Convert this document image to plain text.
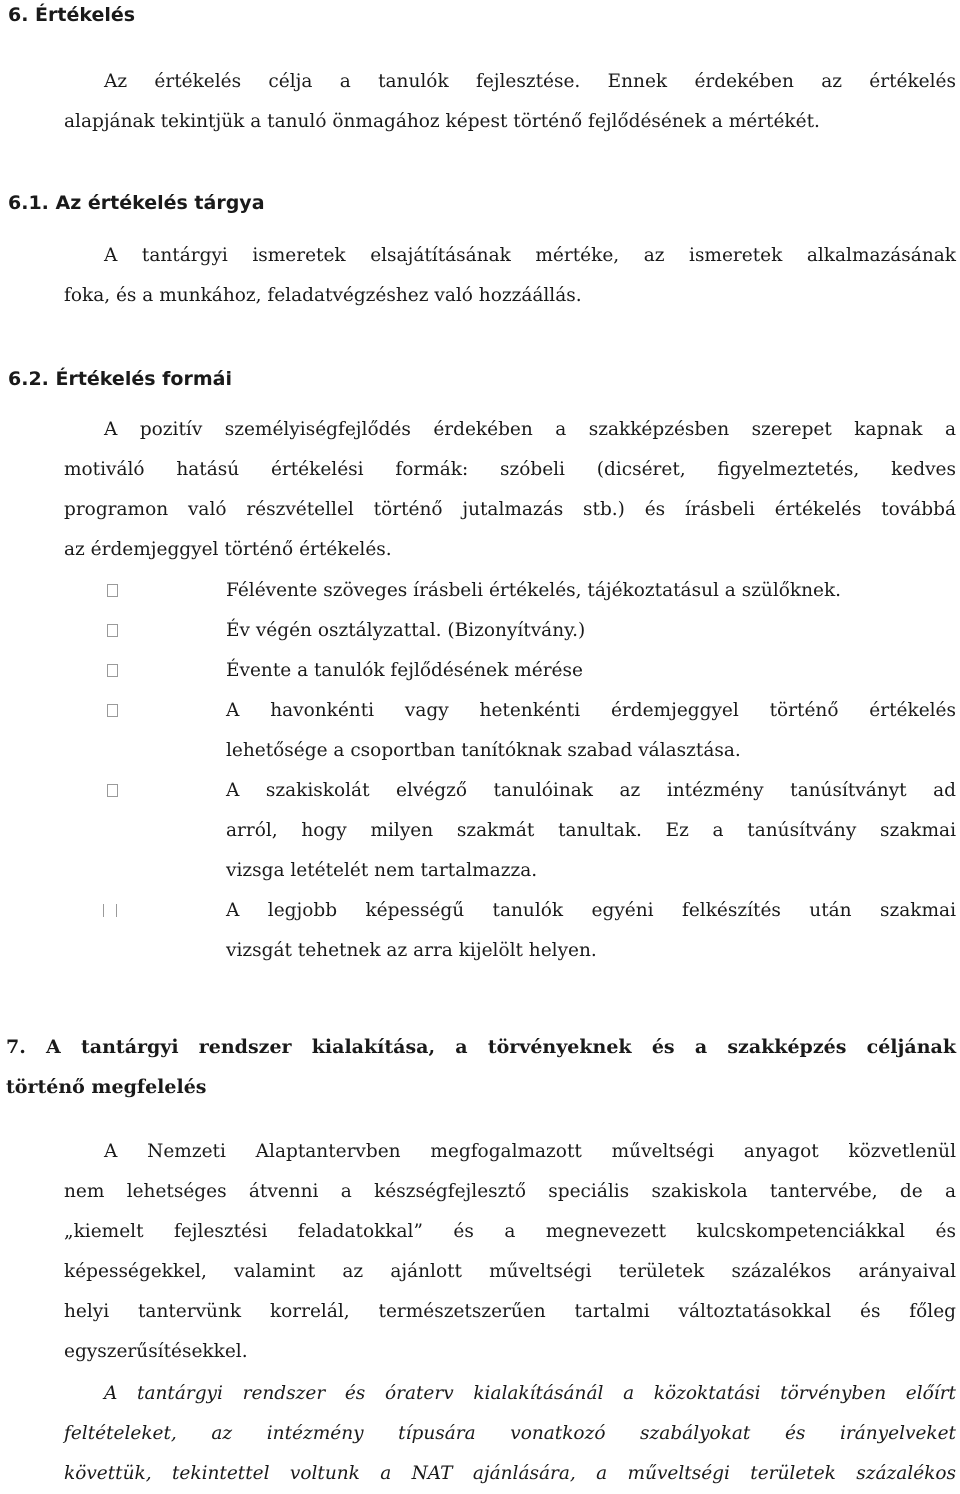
6. Értékelés
Az értékelés célja a tanulók fejlesztése. Ennek érdekében az értékelés
alapjának tekintjük a tanuló önmagához képest történő fejlődésének a mértékét.
6.1. Az értékelés tárgya
A tantárgyi ismeretek elsajátításának mértéke, az ismeretek alkalmazásának
foka, és a munkához, feladatvégzéshez való hozzáállás.
6.2. Értékelés formái
A pozitív személyiségfejlődés érdekében a szakképzésben szerepet kapnak a
motiváló hatású értékelési formák: szóbeli (dicséret, figyelmeztetés, kedves
programon való részvétellel történő jutalmazás stb.) és írásbeli értékelés továbbá
az érdemjeggyel történő értékelés.
Félévente szöveges írásbeli értékelés, tájékoztatásul a szülőknek.
Év végén osztályzattal. (Bizonyítvány.)
Évente a tanulók fejlődésének mérése
A havonkénti vagy hetenkénti érdemjeggyel történő értékelés
lehetősége a csoportban tanítóknak szabad választása.
A szakiskolát elvégző tanulóinak az intézmény tanúsítványt ad
arról, hogy milyen szakmát tanultak. Ez a tanúsítvány szakmai
vizsga letételét nem tartalmazza.
A legjobb képességű tanulók egyéni felkészítés után szakmai
vizsgát tehetnek az arra kijelölt helyen.
7. A tantárgyi rendszer kialakítása, a törvényeknek és a szakképzés céljának
történő megfelelés
A Nemzeti Alaptantervben megfogalmazott műveltségi anyagot közvetlenül
nem lehetséges átvenni a készségfejlesztő speciális szakiskola tantervébe, de a
„kiemelt fejlesztési feladatokkal” és a megnevezett kulcskompetenciákkal és
képességekkel, valamint az ajánlott műveltségi területek százalékos arányaival
helyi tantervünk korrelál, természetszerűen tartalmi változtatásokkal és főleg
egyszerűsítésekkel.
A tantárgyi rendszer és óraterv kialakításánál a közoktatási törvényben előírt
feltételeket, az intézmény típusára vonatkozó szabályokat és irányelveket
követtük, tekintettel voltunk a NAT ajánlására, a műveltségi területek százalékos
